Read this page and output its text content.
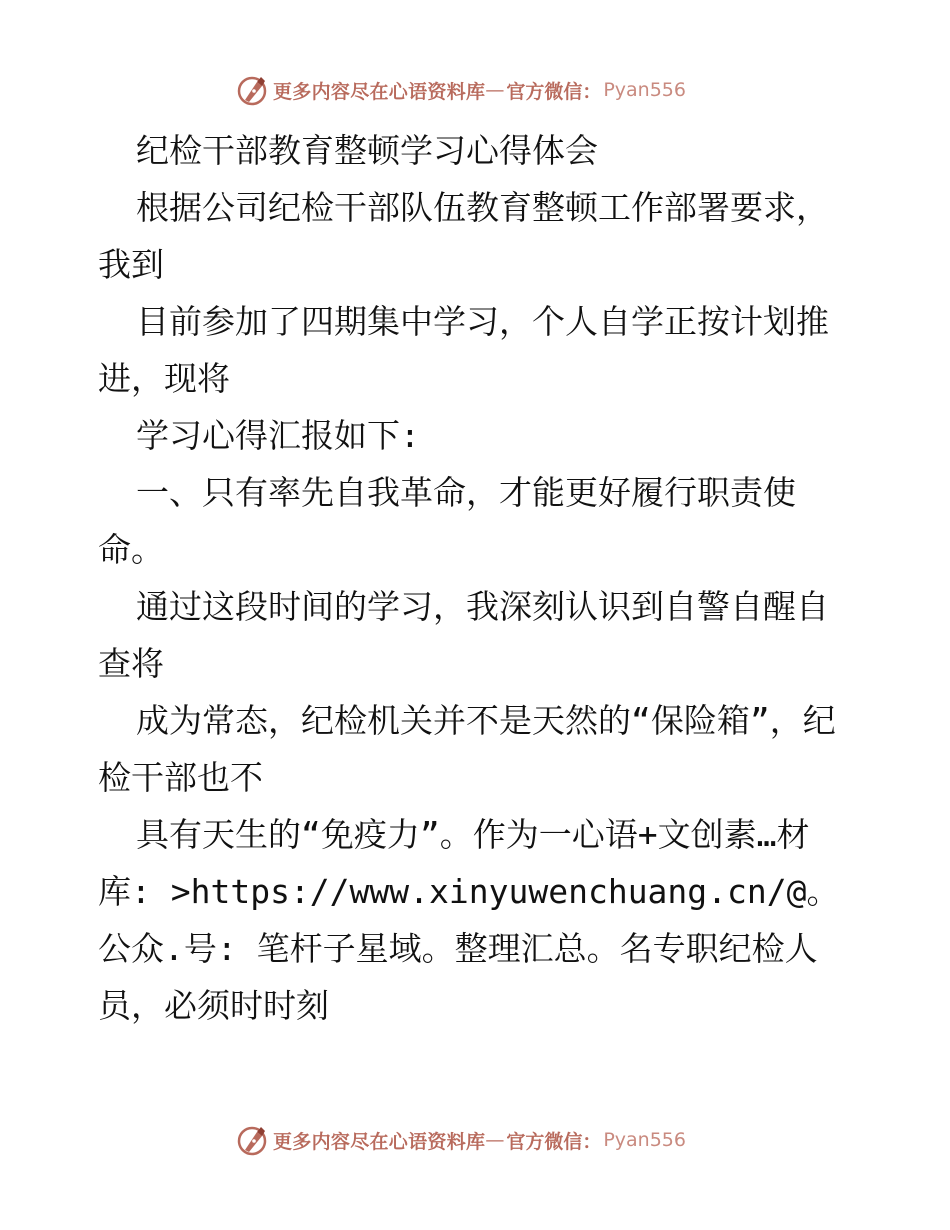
更多内容尽在心语资料库 — 官方微信： Pyan556

纪检干部教育整顿学习心得体会

根据公司纪检干部队伍教育整顿工作部署要求，我到

目前参加了四期集中学习，个人自学正按计划推进，现将

学习心得汇报如下:

一、只有率先自我革命，才能更好履行职责使命。

通过这段时间的学习，我深刻认识到自警自醒自查将

成为常态，纪检机关并不是天然的“保险箱”，纪检干部也不

具有天生的“免疫力”。作为一心语+文创素…材库: >https://www.xinyuwenchuang.cn/@。公众.号: 笔杆子星域。整理汇总。名专职纪检人员，必须时时刻

更多内容尽在心语资料库 — 官方微信： Pyan556
